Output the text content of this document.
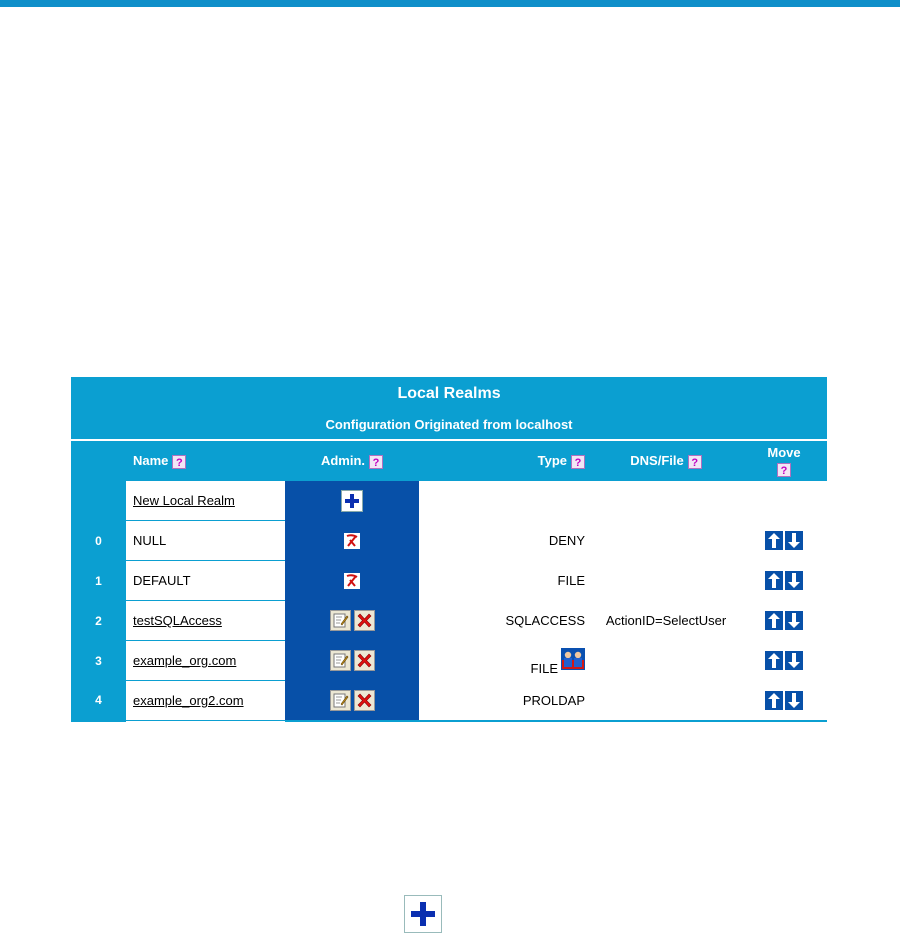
Local Realms					
Configuration Originated from localhost					
	Name ?	Admin. ?	Type ?	DNS/File ?	Move
?
	New Local Realm	

0	NULL		DENY		

1	DEFAULT		FILE		

2	testSQLAccess		SQLACCESS	ActionID=SelectUser	

3	example_org.com		FILE		

4	example_org2.com		PROLDAP		
